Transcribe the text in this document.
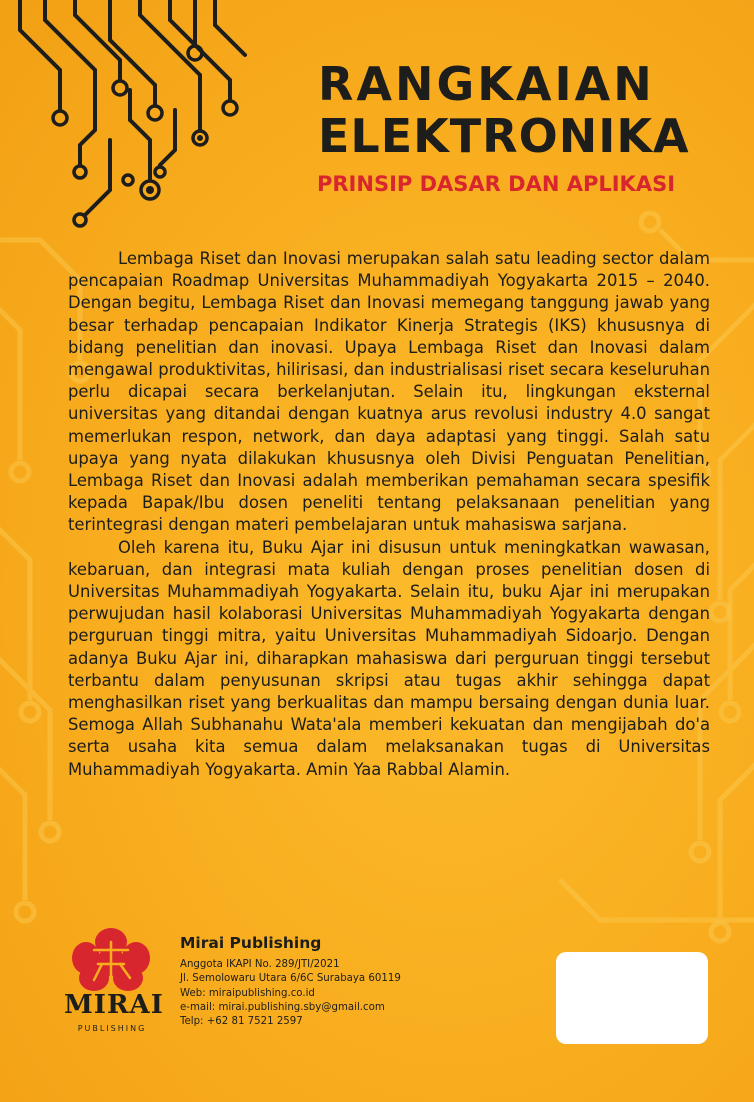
RANGKAIAN
ELEKTRONIKA
PRINSIP DASAR DAN APLIKASI

Lembaga Riset dan Inovasi merupakan salah satu leading sector dalam pencapaian Roadmap Universitas Muhammadiyah Yogyakarta 2015 – 2040. Dengan begitu, Lembaga Riset dan Inovasi memegang tanggung jawab yang besar terhadap pencapaian Indikator Kinerja Strategis (IKS) khususnya di bidang penelitian dan inovasi. Upaya Lembaga Riset dan Inovasi dalam mengawal produktivitas, hilirisasi, dan industrialisasi riset secara keseluruhan perlu dicapai secara berkelanjutan. Selain itu, lingkungan eksternal universitas yang ditandai dengan kuatnya arus revolusi industry 4.0 sangat memerlukan respon, network, dan daya adaptasi yang tinggi. Salah satu upaya yang nyata dilakukan khususnya oleh Divisi Penguatan Penelitian, Lembaga Riset dan Inovasi adalah memberikan pemahaman secara spesifik kepada Bapak/Ibu dosen peneliti tentang pelaksanaan penelitian yang terintegrasi dengan materi pembelajaran untuk mahasiswa sarjana.

Oleh karena itu, Buku Ajar ini disusun untuk meningkatkan wawasan, kebaruan, dan integrasi mata kuliah dengan proses penelitian dosen di Universitas Muhammadiyah Yogyakarta. Selain itu, buku Ajar ini merupakan perwujudan hasil kolaborasi Universitas Muhammadiyah Yogyakarta dengan perguruan tinggi mitra, yaitu Universitas Muhammadiyah Sidoarjo. Dengan adanya Buku Ajar ini, diharapkan mahasiswa dari perguruan tinggi tersebut terbantu dalam penyusunan skripsi atau tugas akhir sehingga dapat menghasilkan riset yang berkualitas dan mampu bersaing dengan dunia luar. Semoga Allah Subhanahu Wata'ala memberi kekuatan dan mengijabah do'a serta usaha kita semua dalam melaksanakan tugas di Universitas Muhammadiyah Yogyakarta. Amin Yaa Rabbal Alamin.

MIRAI
PUBLISHING

Mirai Publishing

Anggota IKAPI No. 289/JTI/2021

Jl. Semolowaru Utara 6/6C Surabaya 60119

Web: miraipublishing.co.id

e-mail: mirai.publishing.sby@gmail.com

Telp: +62 81 7521 2597
